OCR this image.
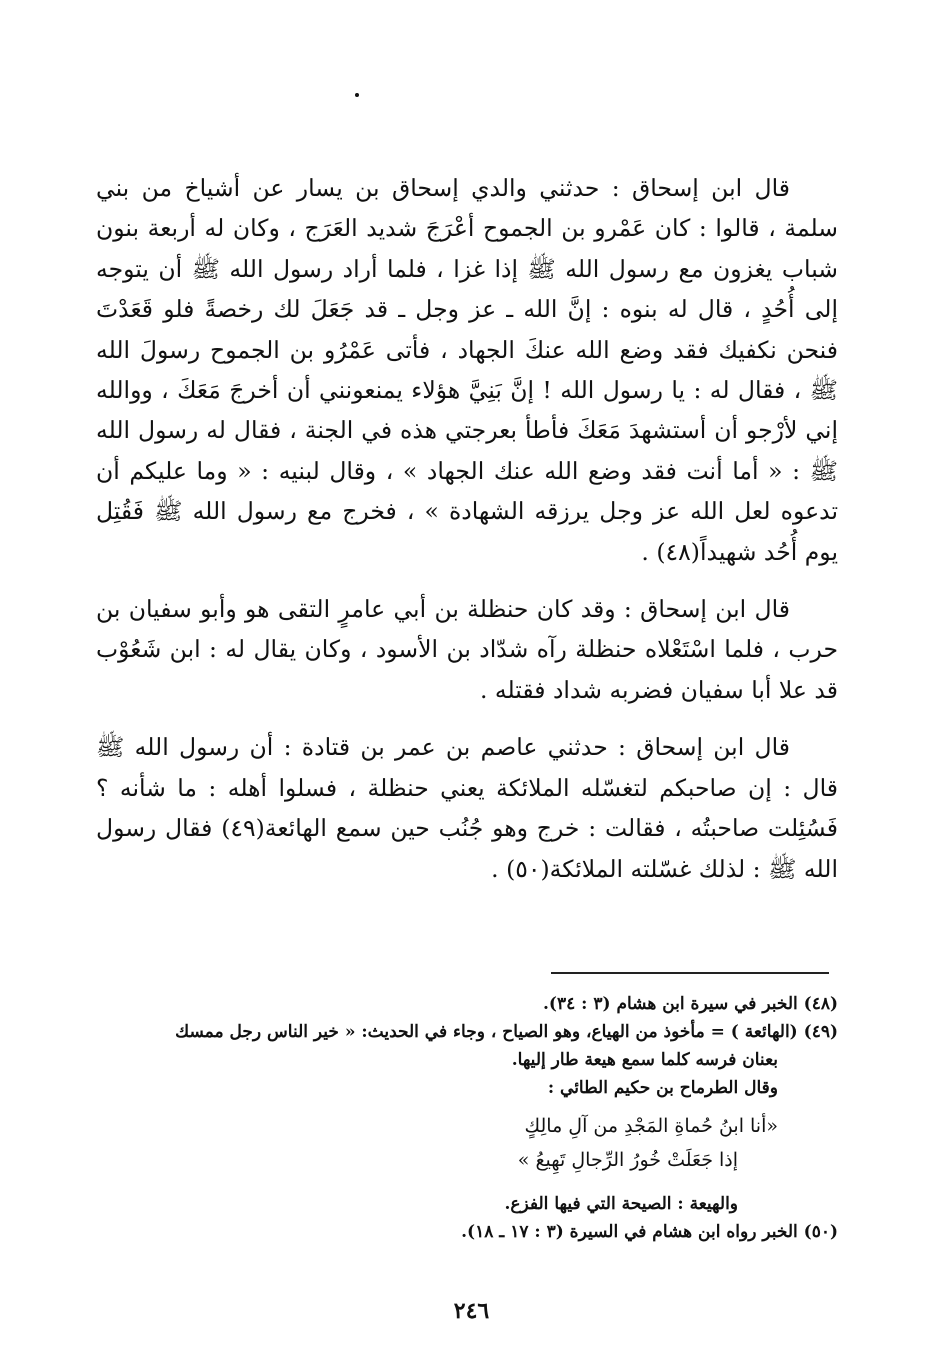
قال ابن إسحاق : حدثني والدي إسحاق بن يسار عن أشياخ من بني سلمة ، قالوا : كان عَمْرو بن الجموح أعْرَجَ شديد العَرَج ، وكان له أربعة بنون شباب يغزون مع رسول الله ﷺ إذا غزا ، فلما أراد رسول الله ﷺ أن يتوجه إلى أُحُدٍ ، قال له بنوه : إنَّ الله ـ عز وجل ـ قد جَعَلَ لك رخصةً فلو قَعَدْتَ فنحن نكفيك فقد وضع الله عنكَ الجهاد ، فأتى عَمْرُو بن الجموح رسولَ الله ﷺ ، فقال له : يا رسول الله ! إنَّ بَنِيَّ هؤلاء يمنعونني أن أخرجَ مَعَكَ ، ووالله إني لأرْجو أن أستشهدَ مَعَكَ فأطأ بعرجتي هذه في الجنة ، فقال له رسول الله ﷺ : « أما أنت فقد وضع الله عنك الجهاد » ، وقال لبنيه : « وما عليكم أن تدعوه لعل الله عز وجل يرزقه الشهادة » ، فخرج مع رسول الله ﷺ فَقُتِل يوم أُحُد شهيداً(٤٨) .

قال ابن إسحاق : وقد كان حنظلة بن أبي عامرٍ التقى هو وأبو سفيان بن حرب ، فلما اسْتَعْلاه حنظلة رآه شدّاد بن الأسود ، وكان يقال له : ابن شَعُوْب قد علا أبا سفيان فضربه شداد فقتله .

قال ابن إسحاق : حدثني عاصم بن عمر بن قتادة : أن رسول الله ﷺ قال : إن صاحبكم لتغسّله الملائكة يعني حنظلة ، فسلوا أهله : ما شأنه ؟ فَسُئِلت صاحبتُه ، فقالت : خرج وهو جُنُب حين سمع الهائعة(٤٩) فقال رسول الله ﷺ : لذلك غسّلته الملائكة(٥٠) .

(٤٨) الخبر في سيرة ابن هشام (٣ : ٣٤).

(٤٩) (الهائعة ) = مأخوذ من الهياع، وهو الصياح ، وجاء في الحديث: « خير الناس رجل ممسك

بعنان فرسه كلما سمع هيعة طار إليها.

وقال الطرماح بن حكيم الطائي :

«أنا ابنُ حُماةِ المَجْدِ من آلِ مالِكٍ

إذا جَعَلَتْ خُورُ الرِّجالِ تَهِيعُ »

والهيعة : الصيحة التي فيها الفزع.

(٥٠) الخبر رواه ابن هشام في السيرة (٣ : ١٧ ـ ١٨).

٢٤٦
